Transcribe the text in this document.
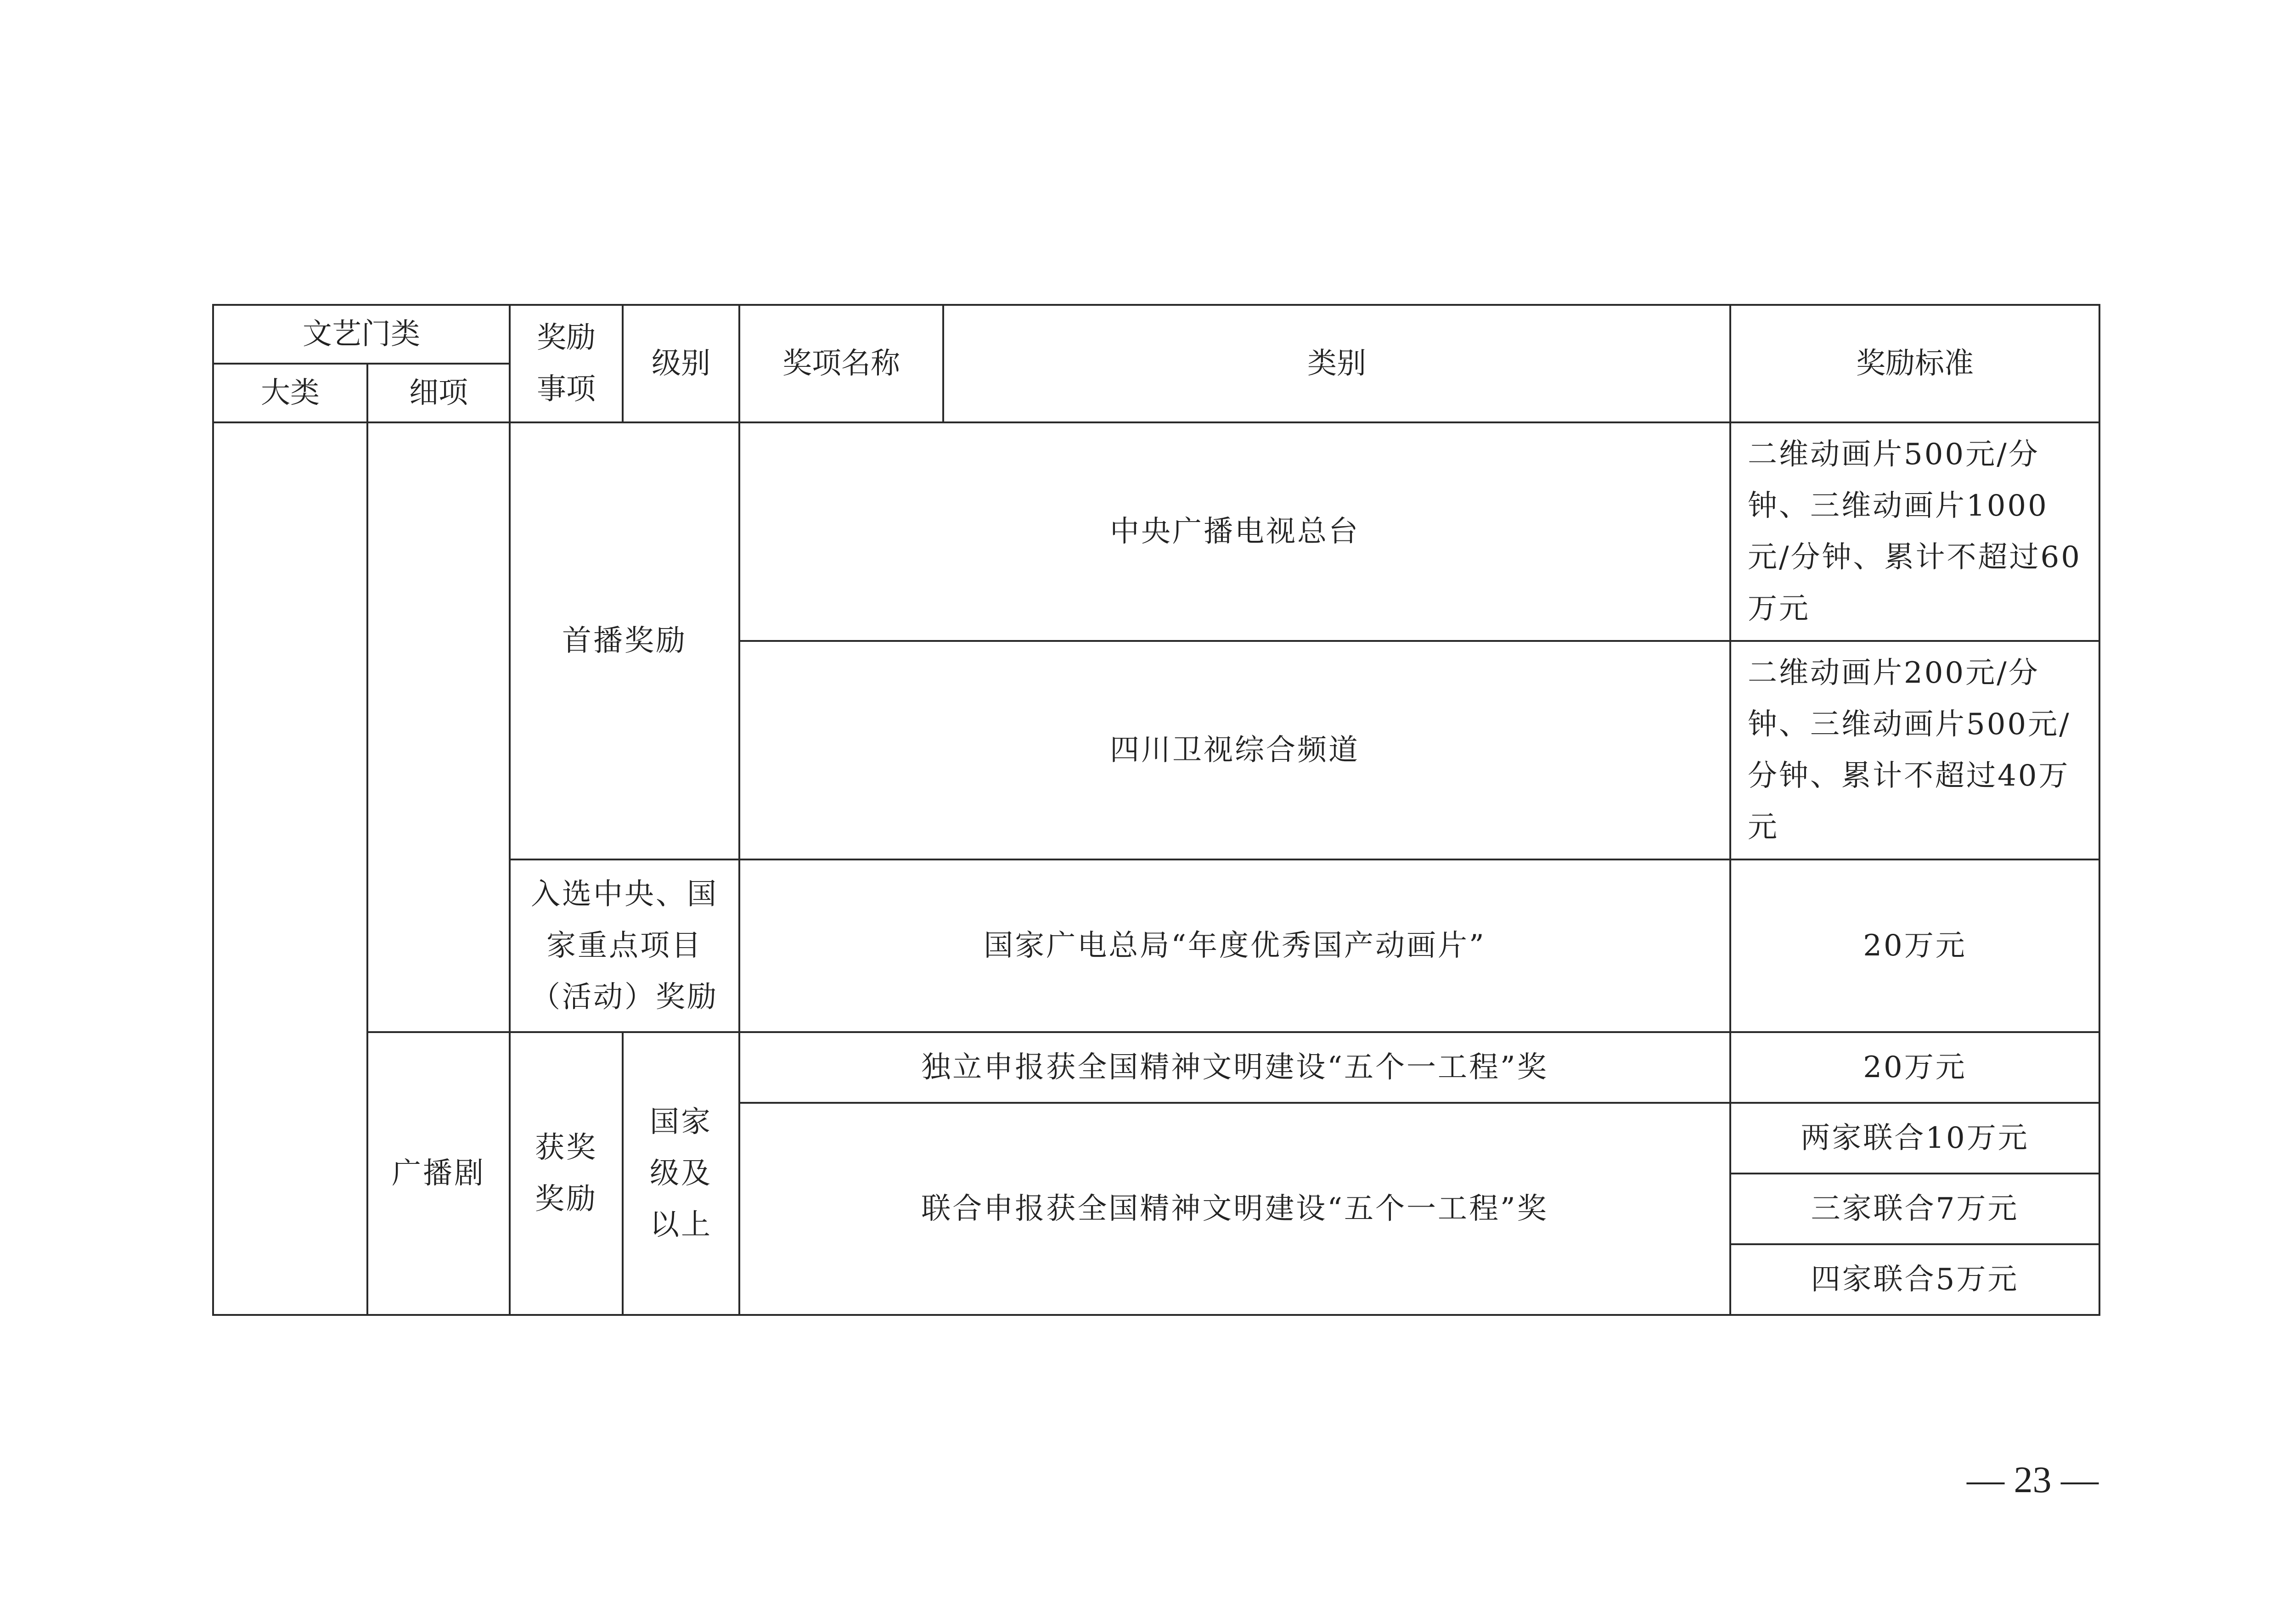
文艺门类		奖励事项	级别	奖项名称	类别	奖励标准
大类	细项					
		首播奖励		中央广播电视总台		二维动画片500元/分钟、三维动画片1000元/分钟、累计不超过60万元
				四川卫视综合频道		二维动画片200元/分钟、三维动画片500元/分钟、累计不超过40万元
		入选中央、国家重点项目（活动）奖励		国家广电总局“年度优秀国产动画片”		20万元
	广播剧	获奖奖励	国家级及以上	独立申报获全国精神文明建设“五个一工程”奖		20万元
				联合申报获全国精神文明建设“五个一工程”奖		两家联合10万元
						三家联合7万元
						四家联合5万元

— 23 —
